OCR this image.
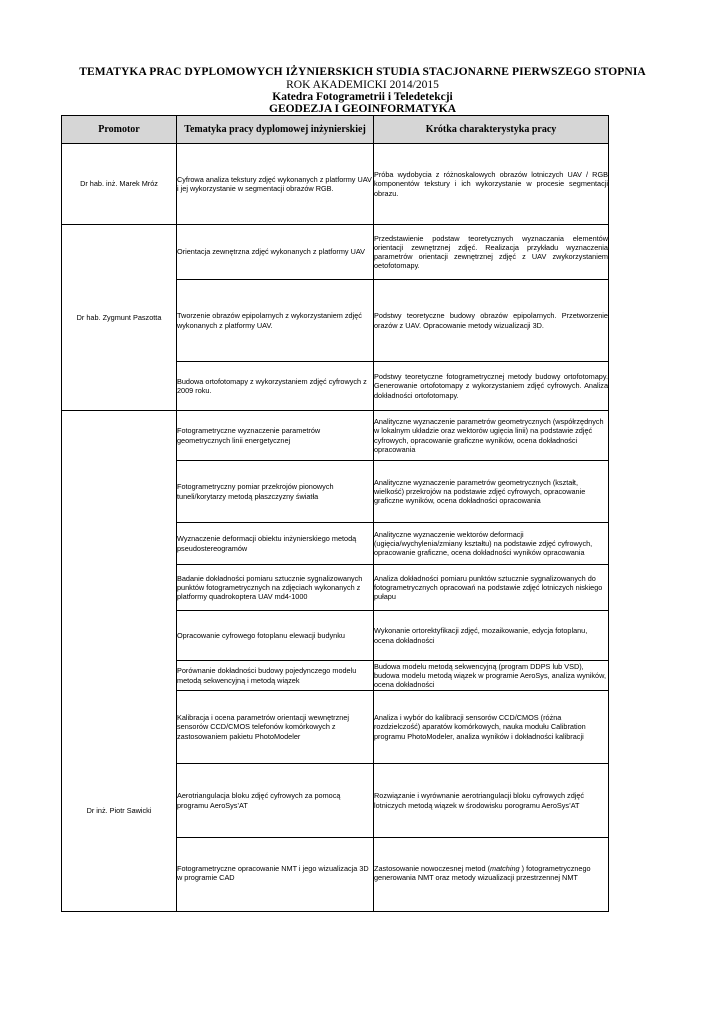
TEMATYKA PRAC DYPLOMOWYCH IŻYNIERSKICH STUDIA STACJONARNE PIERWSZEGO STOPNIA
ROK AKADEMICKI 2014/2015
Katedra Fotogrametrii i Teledetekcji
GEODEZJA I GEOINFORMATYKA
Promotor	Tematyka pracy dyplomowej inżynierskiej	Krótka charakterystyka pracy

Dr hab. inż. Marek Mróz	Cyfrowa analiza tekstury zdjęć wykonanych z platformy UAV i jej wykorzystanie w segmentacji obrazów RGB.	Próba wydobycia z różnoskalowych obrazów lotniczych UAV / RGB komponentów tekstury i ich wykorzystanie w procesie segmentacji obrazu.

Dr hab. Zygmunt Paszotta	Orientacja zewnętrzna zdjęć wykonanych z platformy UAV	Przedstawienie podstaw teoretycznych wyznaczania elementów orientacji zewnętrznej zdjęć. Realizacja przykładu wyznaczenia parametrów orientacji zewnętrznej zdjęć z UAV zwykorzystaniem oetofotomapy.

	Tworzenie obrazów epipolarnych z wykorzystaniem zdjęć wykonanych z platformy UAV.	Podstwy teoretyczne budowy obrazów epipolarnych. Przetworzenie orazów z UAV. Opracowanie metody wizualizacji 3D.

	Budowa ortofotomapy z wykorzystaniem zdjęć cyfrowych z 2009 roku.	Podstwy teoretyczne fotogrametrycznej metody budowy ortofotomapy. Generowanie ortofotomapy z wykorzystaniem zdjęć cyfrowych. Analiza dokładności ortofotomapy.

Dr inż. Piotr Sawicki	Fotogrametryczne wyznaczenie parametrów geometrycznych linii energetycznej	Analityczne wyznaczenie parametrów geometrycznych (współrzędnych w lokalnym układzie oraz wektorów ugięcia linii) na podstawie zdjęć cyfrowych, opracowanie graficzne wyników, ocena dokładności opracowania

	Fotogrametryczny pomiar przekrojów pionowych tuneli/korytarzy metodą płaszczyzny światła	Analityczne wyznaczenie parametrów geometrycznych (kształt, wielkość) przekrojów na podstawie zdjęć cyfrowych, opracowanie graficzne wyników, ocena dokładności opracowania

	Wyznaczenie deformacji obiektu inżynierskiego metodą pseudostereogramów	Analityczne wyznaczenie wektorów deformacji (ugięcia/wychylenia/zmiany kształtu) na podstawie zdjęć cyfrowych, opracowanie graficzne, ocena dokładności wyników opracowania

	Badanie dokładności pomiaru sztucznie sygnalizowanych punktów fotogrametrycznych na zdjęciach wykonanych z platformy quadrokoptera UAV md4-1000	Analiza dokładności pomiaru punktów sztucznie sygnalizowanych do fotogrametrycznych opracowań na podstawie zdjęć lotniczych niskiego pułapu

	Opracowanie cyfrowego fotoplanu elewacji budynku	Wykonanie ortorektyfikacji zdjęć, mozaikowanie, edycja fotoplanu, ocena dokładności

	Porównanie dokładności budowy pojedynczego modelu metodą sekwencyjną i metodą wiązek	Budowa modelu metodą sekwencyjną (program DDPS lub VSD), budowa modelu metodą wiązek w programie AeroSys, analiza wyników, ocena dokładności

	Kalibracja i ocena parametrów orientacji wewnętrznej sensorów CCD/CMOS telefonów komórkowych z zastosowaniem pakietu PhotoModeler	Analiza i wybór do kalibracji sensorów CCD/CMOS (różna rozdzielczość) aparatów komórkowych, nauka modułu Calibration programu PhotoModeler, analiza wyników i dokładności kalibracji

	Aerotriangulacja bloku zdjęć cyfrowych za pomocą programu AeroSys’AT	Rozwiązanie i wyrównanie aerotriangulacji bloku cyfrowych zdjęć lotniczych metodą wiązek w środowisku porogramu AeroSys’AT

	Fotogrametryczne opracowanie NMT i jego wizualizacja 3D w programie CAD	Zastosowanie nowoczesnej metod (matching ) fotogrametrycznego generowania NMT oraz metody wizualizacji przestrzennej NMT
